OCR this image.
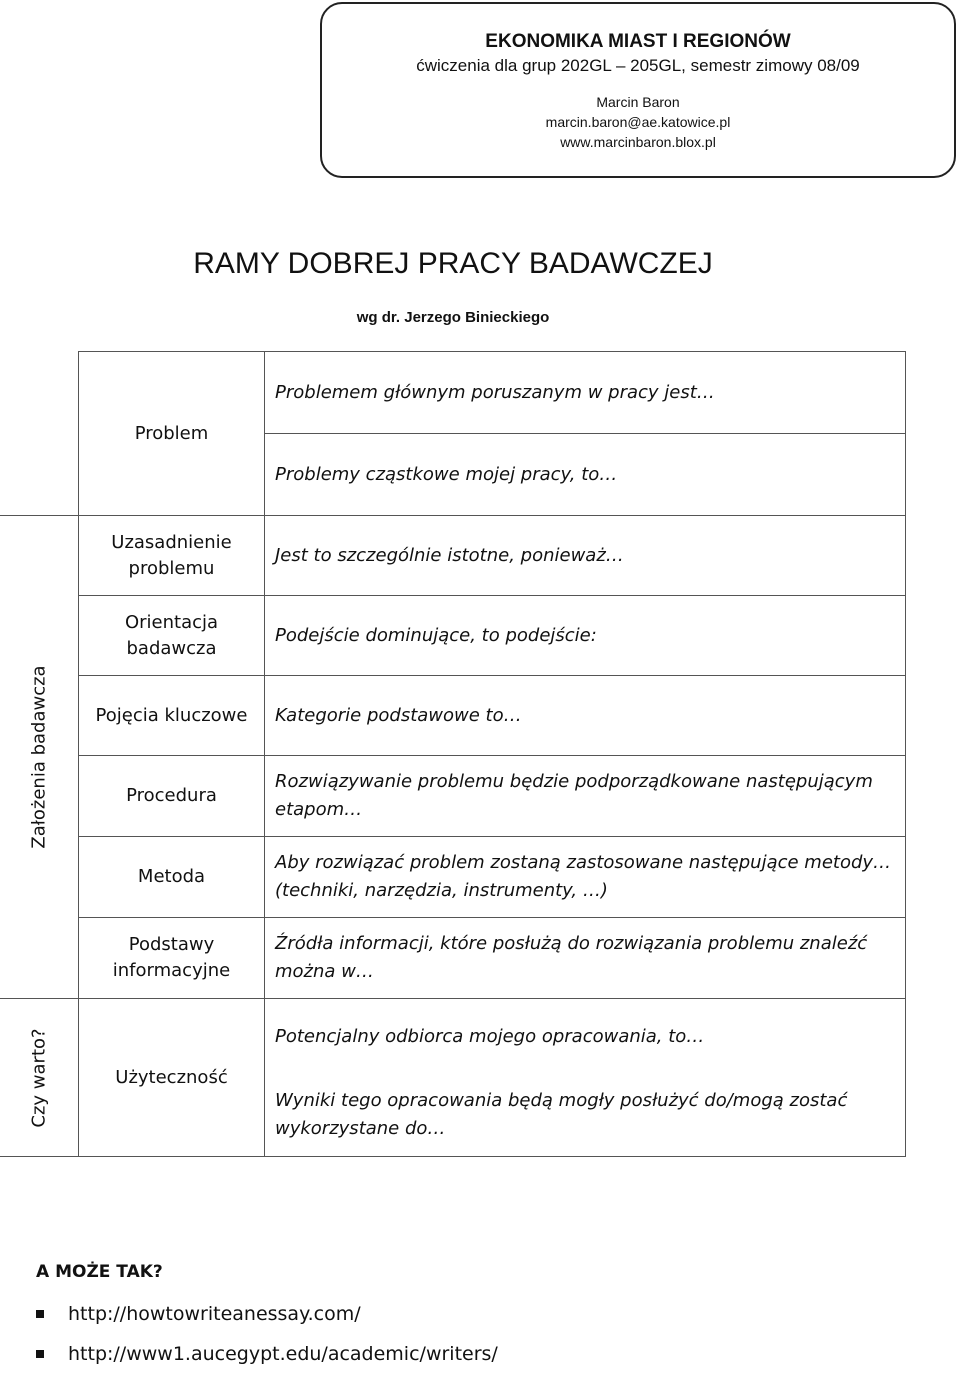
EKONOMIKA MIAST I REGIONÓW
ćwiczenia dla grup 202GL – 205GL, semestr zimowy 08/09
Marcin Baron
marcin.baron@ae.katowice.pl
www.marcinbaron.blox.pl
RAMY DOBREJ PRACY BADAWCZEJ
wg dr. Jerzego Binieckiego
	Problem	Problemem głównym poruszanym w pracy jest…
		Problemy cząstkowe mojej pracy, to…

Założenia badawcza	Uzasadnienie problemu	Jest to szczególnie istotne, ponieważ…
	Orientacja badawcza	Podejście dominujące, to podejście:
	Pojęcia kluczowe	Kategorie podstawowe to…
	Procedura	Rozwiązywanie problemu będzie podporządkowane następującym etapom…
	Metoda	Aby rozwiązać problem zostaną zastosowane następujące metody… (techniki, narzędzia, instrumenty, …)
	Podstawy informacyjne	Źródła informacji, które posłużą do rozwiązania problemu znaleźć można w…

Czy warto?	Użyteczność	Potencjalny odbiorca mojego opracowania, to…
		Wyniki tego opracowania będą mogły posłużyć do/mogą zostać wykorzystane do…
A MOŻE TAK?
http://howtowriteanessay.com/
http://www1.aucegypt.edu/academic/writers/
